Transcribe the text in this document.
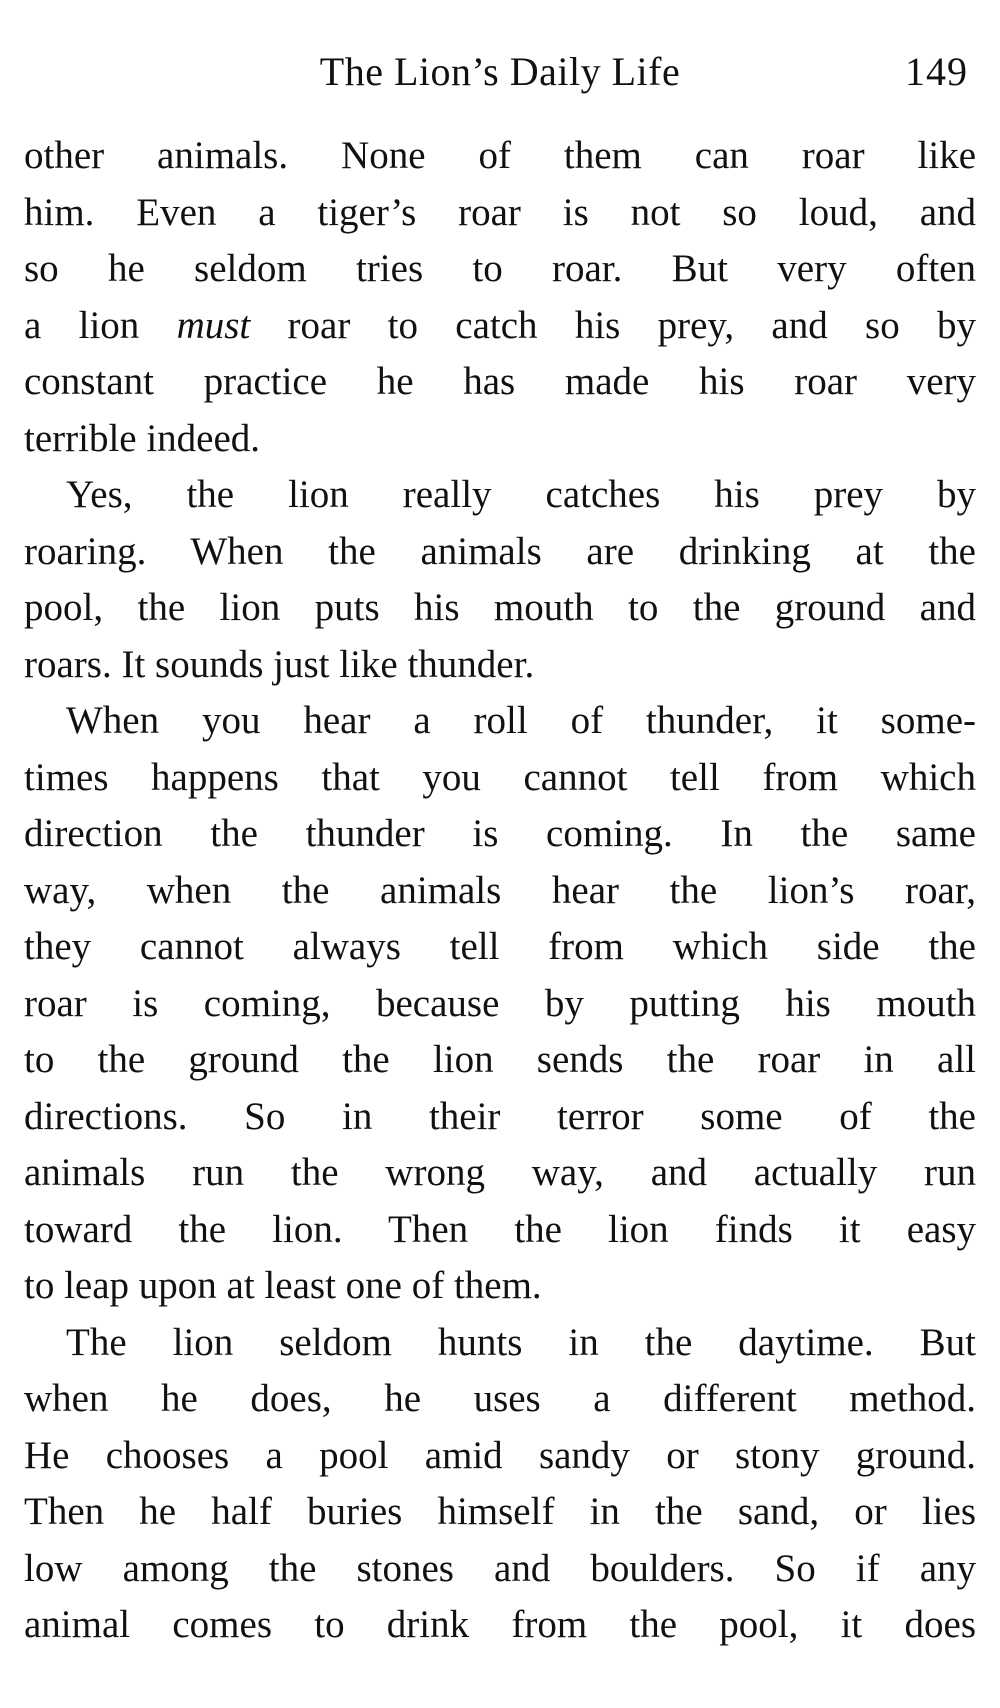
The Lion’s Daily Life	149
other animals. None of them can roar like
him. Even a tiger’s roar is not so loud, and
so he seldom tries to roar. But very often
a lion must roar to catch his prey, and so by
constant practice he has made his roar very
terrible indeed.
Yes, the lion really catches his prey by
roaring. When the animals are drinking at the
pool, the lion puts his mouth to the ground and
roars. It sounds just like thunder.
When you hear a roll of thunder, it some-
times happens that you cannot tell from which
direction the thunder is coming. In the same
way, when the animals hear the lion’s roar,
they cannot always tell from which side the
roar is coming, because by putting his mouth
to the ground the lion sends the roar in all
directions. So in their terror some of the
animals run the wrong way, and actually run
toward the lion. Then the lion finds it easy
to leap upon at least one of them.
The lion seldom hunts in the daytime. But
when he does, he uses a different method.
He chooses a pool amid sandy or stony ground.
Then he half buries himself in the sand, or lies
low among the stones and boulders. So if any
animal comes to drink from the pool, it does
